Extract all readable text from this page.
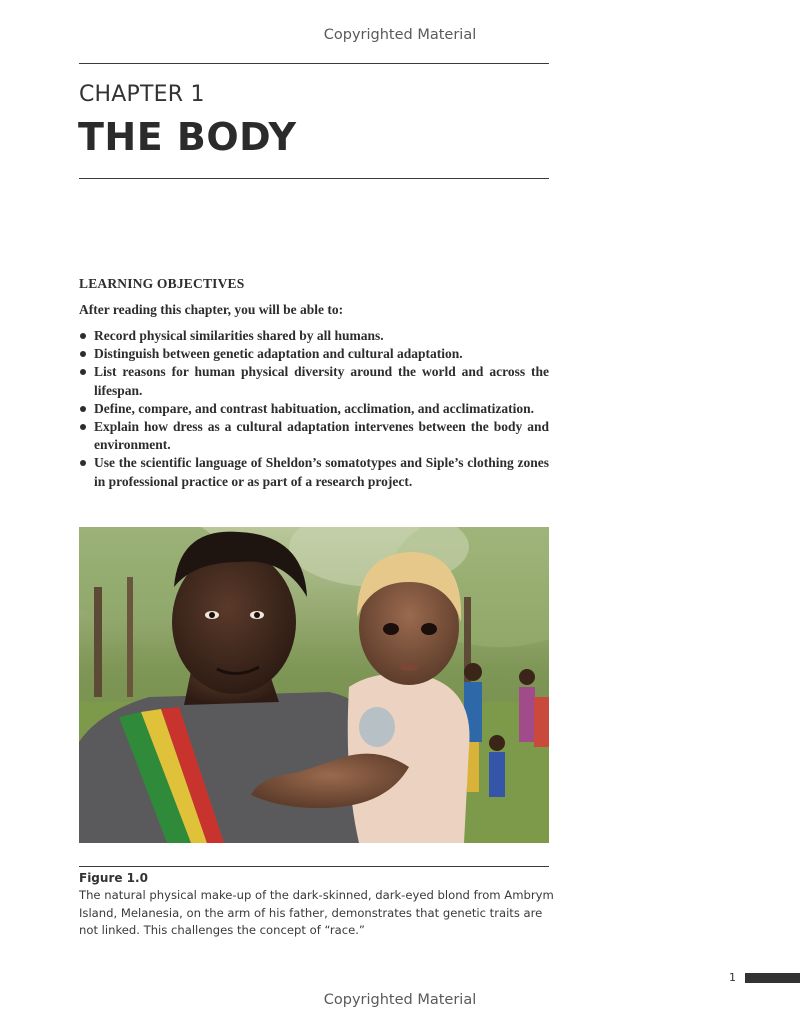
Copyrighted Material
CHAPTER 1
THE BODY
LEARNING OBJECTIVES
After reading this chapter, you will be able to:
Record physical similarities shared by all humans.
Distinguish between genetic adaptation and cultural adaptation.
List reasons for human physical diversity around the world and across the lifespan.
Define, compare, and contrast habituation, acclimation, and acclimatization.
Explain how dress as a cultural adaptation intervenes between the body and environment.
Use the scientific language of Sheldon’s somatotypes and Siple’s clothing zones in professional practice or as part of a research project.
Figure 1.0
The natural physical make-up of the dark-skinned, dark-eyed blond from Ambrym Island, Melanesia, on the arm of his father, demonstrates that genetic traits are not linked. This challenges the concept of “race.”
1
Copyrighted Material
